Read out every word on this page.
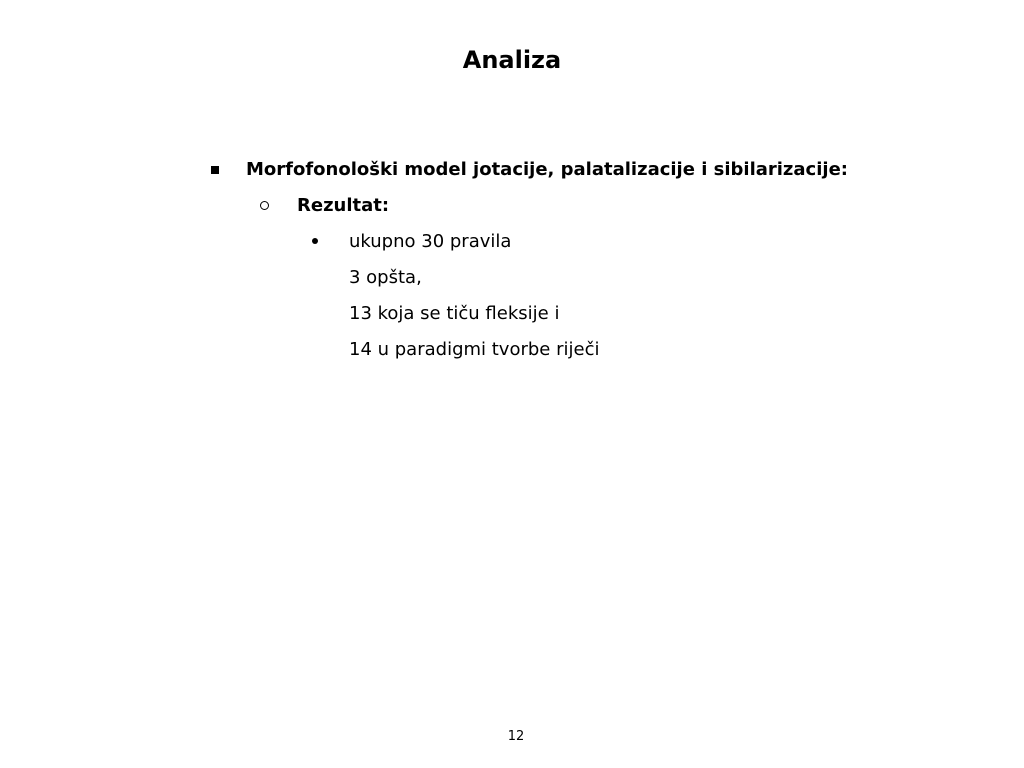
Analiza
Morfofonološki model jotacije, palatalizacije i sibilarizacije:
Rezultat:
ukupno 30 pravila
3 opšta,
13 koja se tiču fleksije i
14 u paradigmi tvorbe riječi
12
